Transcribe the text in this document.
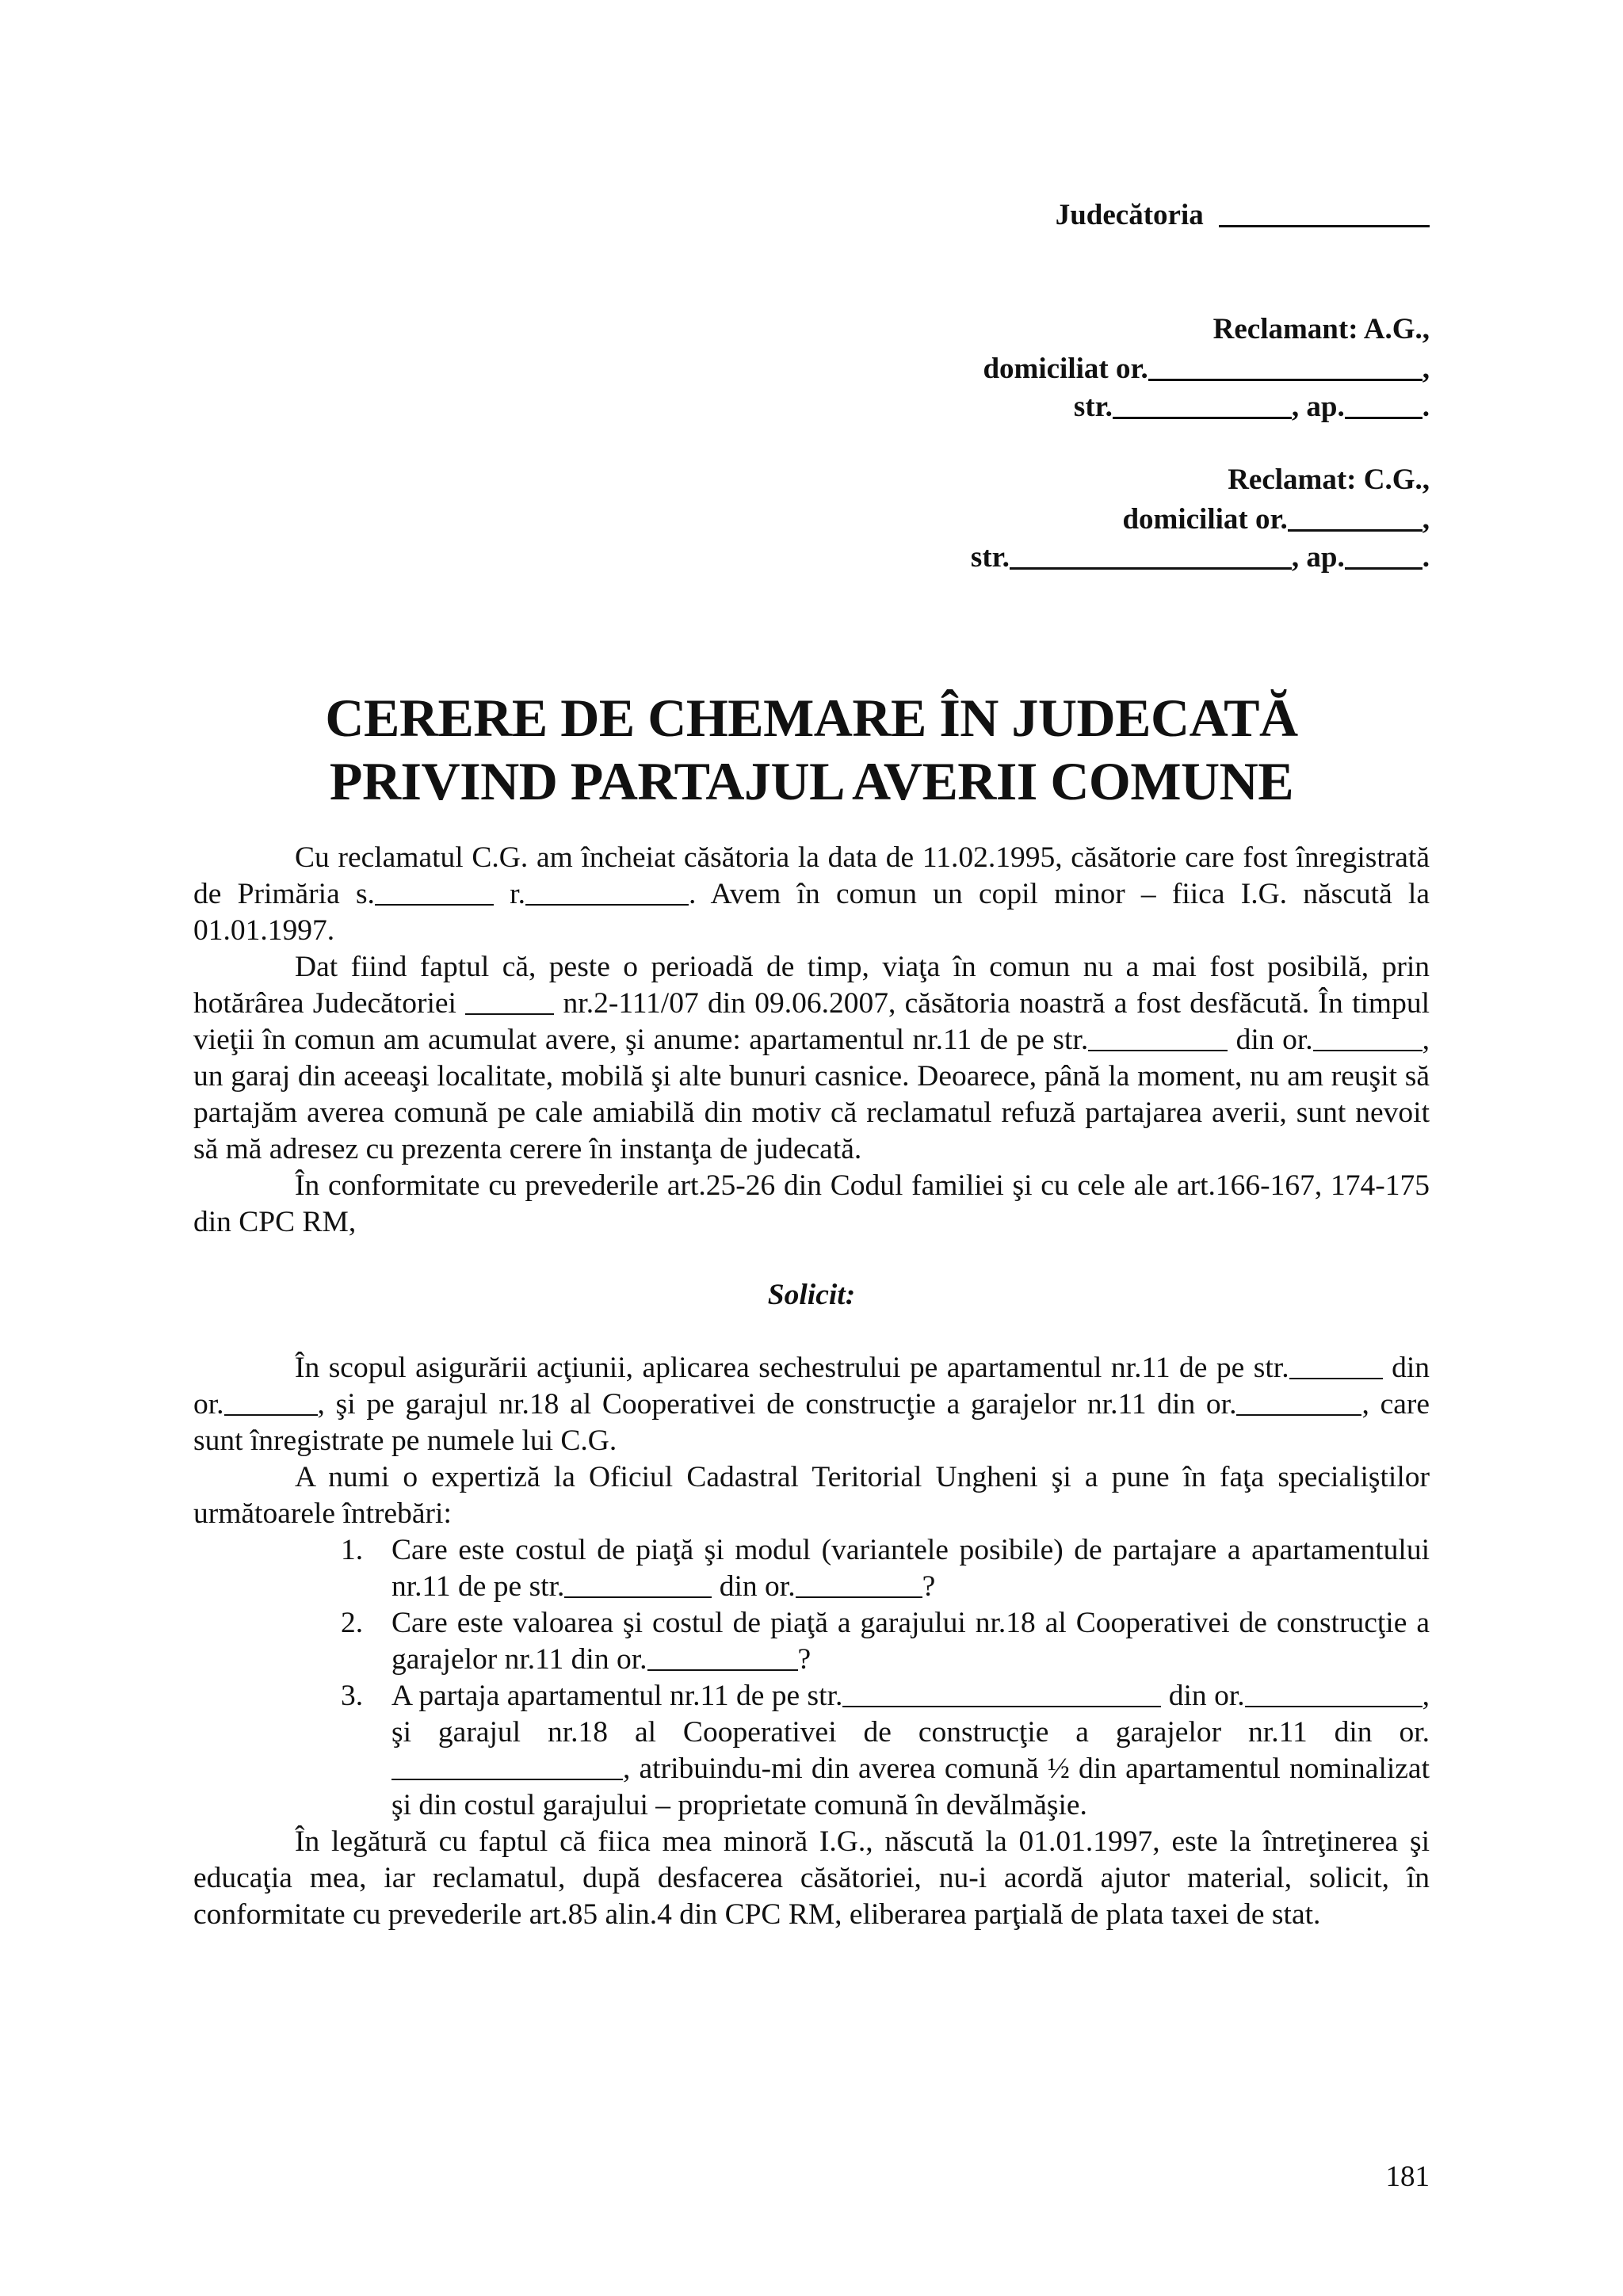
Judecătoria
Reclamant: A.G.,
domiciliat or.	,
str.	, ap.	.
Reclamat: C.G.,
domiciliat or.	,
str.	, ap.	.
CERERE DE CHEMARE ÎN JUDECATĂ
PRIVIND PARTAJUL AVERII COMUNE

Cu reclamatul C.G. am încheiat căsătoria la data de 11.02.1995, căsătorie care fost înregistrată de Primăria s.	r.	. Avem în comun un copil minor – fiica I.G. născută la 01.01.1997.

Dat fiind faptul că, peste o perioadă de timp, viaţa în comun nu a mai fost posibilă, prin hotărârea Judecătoriei	nr.2-111/07 din 09.06.2007, căsătoria noastră a fost desfăcută. În timpul vieţii în comun am acumulat avere, şi anume: apartamentul nr.11 de pe str.	din or.	, un garaj din aceeaşi localitate, mobilă şi alte bunuri casnice. Deoarece, până la moment, nu am reuşit să partajăm averea comună pe cale amiabilă din motiv că reclamatul refuză partajarea averii, sunt nevoit să mă adresez cu prezenta cerere în instanţa de judecată.

În conformitate cu prevederile art.25-26 din Codul familiei şi cu cele ale art.166-167, 174-175 din CPC RM,

Solicit:

În scopul asigurării acţiunii, aplicarea sechestrului pe apartamentul nr.11 de pe str.	din or.	, şi pe garajul nr.18 al Cooperativei de construcţie a garajelor nr.11 din or.	, care sunt înregistrate pe numele lui C.G.

A numi o expertiză la Oficiul Cadastral Teritorial Ungheni şi a pune în faţa specialiştilor următoarele întrebări:

1. Care este costul de piaţă şi modul (variantele posibile) de partajare a apartamentului nr.11 de pe str.	din or.	?
2. Care este valoarea şi costul de piaţă a garajului nr.18 al Cooperativei de construcţie a garajelor nr.11 din or.	?
3. A partaja apartamentul nr.11 de pe str.	din or.	, şi garajul nr.18 al Cooperativei de construcţie a garajelor nr.11 din or., atribuindu-mi din averea comună ½ din apartamentul nominalizat şi din costul garajului – proprietate comună în devălmăşie.

În legătură cu faptul că fiica mea minoră I.G., născută la 01.01.1997, este la întreţinerea şi educaţia mea, iar reclamatul, după desfacerea căsătoriei, nu-i acordă ajutor material, solicit, în conformitate cu prevederile art.85 alin.4 din CPC RM, eliberarea parţială de plata taxei de stat.

181
